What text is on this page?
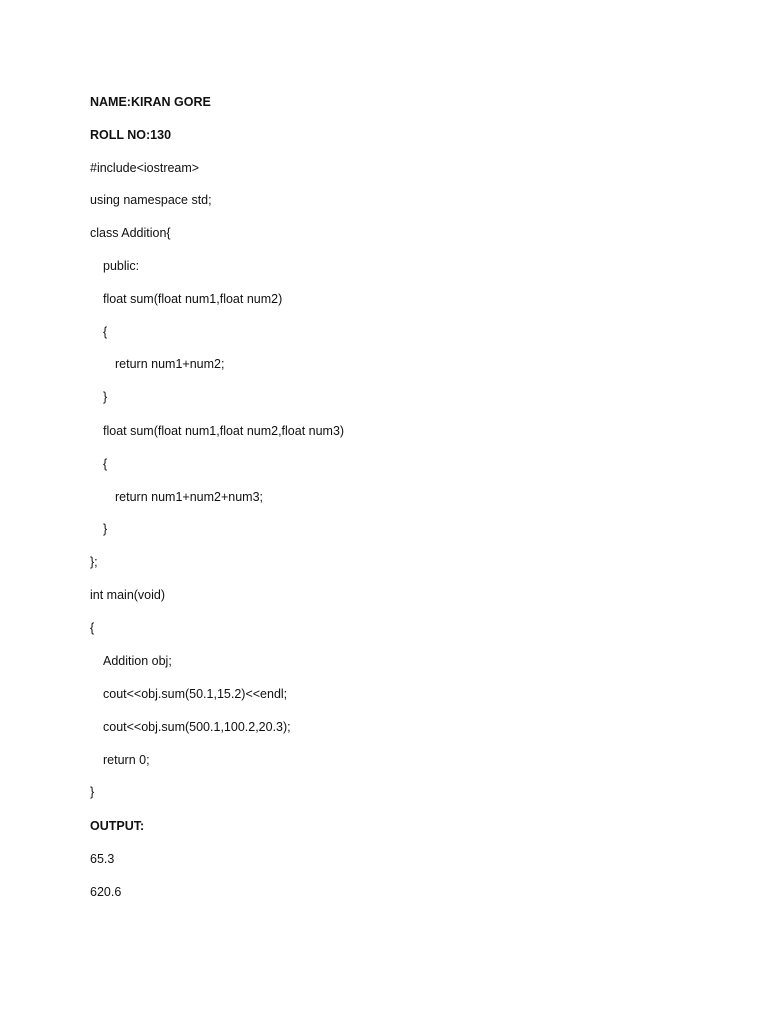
NAME:KIRAN GORE
ROLL NO:130
#include<iostream>
using namespace std;
class Addition{
public:
float sum(float num1,float num2)
{
return num1+num2;
}
float sum(float num1,float num2,float num3)
{
return num1+num2+num3;
}
};
int main(void)
{
Addition obj;
cout<<obj.sum(50.1,15.2)<<endl;
cout<<obj.sum(500.1,100.2,20.3);
return 0;
}
OUTPUT:
65.3
620.6
